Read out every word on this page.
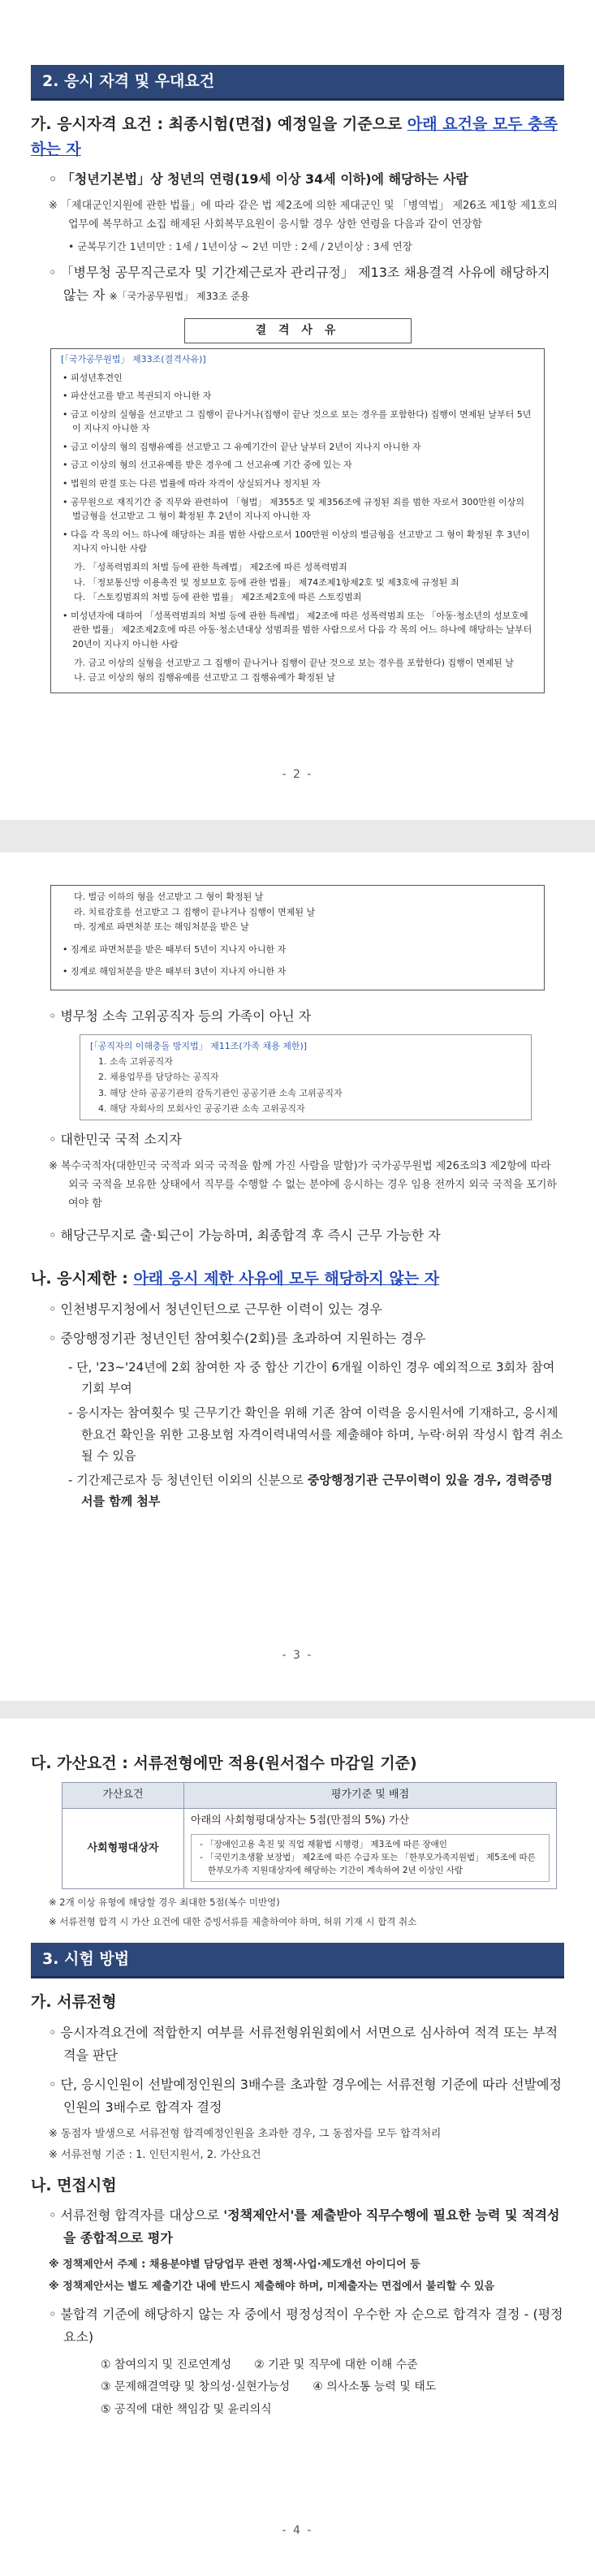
2. 응시 자격 및 우대요건
가. 응시자격 요건 : 최종시험(면접) 예정일을 기준으로 아래 요건을 모두 충족하는 자

◦ 「청년기본법」상 청년의 연령(19세 이상 34세 이하)에 해당하는 사람

※ 「제대군인지원에 관한 법률」에 따라 같은 법 제2조에 의한 제대군인 및 「병역법」 제26조 제1항 제1호의 업무에 복무하고 소집 해제된 사회복무요원이 응시할 경우 상한 연령을 다음과 같이 연장함

• 군복무기간 1년미만 : 1세 / 1년이상 ~ 2년 미만 : 2세 / 2년이상 : 3세 연장

◦ 「병무청 공무직근로자 및 기간제근로자 관리규정」 제13조 채용결격 사유에 해당하지 않는 자 ※「국가공무원법」 제33조 준용

결 격 사 유
[「국가공무원법」 제33조(결격사유)]
• 피성년후견인
• 파산선고를 받고 복권되지 아니한 자
• 금고 이상의 실형을 선고받고 그 집행이 끝나거나(집행이 끝난 것으로 보는 경우를 포함한다) 집행이 면제된 날부터 5년이 지나지 아니한 자
• 금고 이상의 형의 집행유예를 선고받고 그 유예기간이 끝난 날부터 2년이 지나지 아니한 자
• 금고 이상의 형의 선고유예를 받은 경우에 그 선고유예 기간 중에 있는 자
• 법원의 판결 또는 다른 법률에 따라 자격이 상실되거나 정지된 자
• 공무원으로 재직기간 중 직무와 관련하여 「형법」 제355조 및 제356조에 규정된 죄를 범한 자로서 300만원 이상의 벌금형을 선고받고 그 형이 확정된 후 2년이 지나지 아니한 자
• 다음 각 목의 어느 하나에 해당하는 죄를 범한 사람으로서 100만원 이상의 벌금형을 선고받고 그 형이 확정된 후 3년이 지나지 아니한 사람
가. 「성폭력범죄의 처벌 등에 관한 특례법」 제2조에 따른 성폭력범죄
나. 「정보통신망 이용촉진 및 정보보호 등에 관한 법률」 제74조제1항제2호 및 제3호에 규정된 죄
다. 「스토킹범죄의 처벌 등에 관한 법률」 제2조제2호에 따른 스토킹범죄
• 미성년자에 대하여 「성폭력범죄의 처벌 등에 관한 특례법」 제2조에 따른 성폭력범죄 또는 「아동·청소년의 성보호에 관한 법률」 제2조제2호에 따른 아동·청소년대상 성범죄를 범한 사람으로서 다음 각 목의 어느 하나에 해당하는 날부터 20년이 지나지 아니한 사람
가. 금고 이상의 실형을 선고받고 그 집행이 끝나거나 집행이 끝난 것으로 보는 경우를 포함한다) 집행이 면제된 날
나. 금고 이상의 형의 집행유예를 선고받고 그 집행유예가 확정된 날
- 2 -
다. 벌금 이하의 형을 선고받고 그 형이 확정된 날
라. 치료감호를 선고받고 그 집행이 끝나거나 집행이 면제된 날
마. 징계로 파면처분 또는 해임처분을 받은 날
• 징계로 파면처분을 받은 때부터 5년이 지나지 아니한 자
• 징계로 해임처분을 받은 때부터 3년이 지나지 아니한 자

◦ 병무청 소속 고위공직자 등의 가족이 아닌 자

[「공직자의 이해충돌 방지법」 제11조(가족 채용 제한)]
1. 소속 고위공직자
2. 채용업무를 담당하는 공직자
3. 해당 산하 공공기관의 감독기관인 공공기관 소속 고위공직자
4. 해당 자회사의 모회사인 공공기관 소속 고위공직자

◦ 대한민국 국적 소지자

※ 복수국적자(대한민국 국적과 외국 국적을 함께 가진 사람을 말함)가 국가공무원법 제26조의3 제2항에 따라 외국 국적을 보유한 상태에서 직무를 수행할 수 없는 분야에 응시하는 경우 임용 전까지 외국 국적을 포기하여야 함

◦ 해당근무지로 출·퇴근이 가능하며, 최종합격 후 즉시 근무 가능한 자

나. 응시제한 : 아래 응시 제한 사유에 모두 해당하지 않는 자

◦ 인천병무지청에서 청년인턴으로 근무한 이력이 있는 경우

◦ 중앙행정기관 청년인턴 참여횟수(2회)를 초과하여 지원하는 경우

- 단, '23~'24년에 2회 참여한 자 중 합산 기간이 6개월 이하인 경우 예외적으로 3회차 참여기회 부여

- 응시자는 참여횟수 및 근무기간 확인을 위해 기존 참여 이력을 응시원서에 기재하고, 응시제한요건 확인을 위한 고용보험 자격이력내역서를 제출해야 하며, 누락·허위 작성시 합격 취소될 수 있음

- 기간제근로자 등 청년인턴 이외의 신분으로 중앙행정기관 근무이력이 있을 경우, 경력증명서를 함께 첨부

- 3 -
다. 가산요건 : 서류전형에만 적용(원서접수 마감일 기준)
가산요건	평가기준 및 배점
사회형평대상자	아래의 사회형평대상자는 5점(만점의 5%) 가산

- 「장애인고용 촉진 및 직업 재활법 시행령」 제3조에 따른 장애인

- 「국민기초생활 보장법」 제2조에 따른 수급자 또는 「한부모가족지원법」 제5조에 따른 한부모가족 지원대상자에 해당하는 기간이 계속하여 2년 이상인 사람

※ 2개 이상 유형에 해당할 경우 최대한 5점(복수 미반영)

※ 서류전형 합격 시 가산 요건에 대한 증빙서류를 제출하여야 하며, 허위 기재 시 합격 취소

3. 시험 방법
가. 서류전형

◦ 응시자격요건에 적합한지 여부를 서류전형위원회에서 서면으로 심사하여 적격 또는 부적격을 판단

◦ 단, 응시인원이 선발예정인원의 3배수를 초과할 경우에는 서류전형 기준에 따라 선발예정인원의 3배수로 합격자 결정

※ 동점자 발생으로 서류전형 합격예정인원을 초과한 경우, 그 동점자를 모두 합격처리

※ 서류전형 기준 : 1. 인턴지원서, 2. 가산요건

나. 면접시험

◦ 서류전형 합격자를 대상으로 '정책제안서'를 제출받아 직무수행에 필요한 능력 및 적격성을 종합적으로 평가

※ 정책제안서 주제 : 채용분야별 담당업무 관련 정책·사업·제도개선 아이디어 등

※ 정책제안서는 별도 제출기간 내에 반드시 제출해야 하며, 미제출자는 면접에서 불리할 수 있음

◦ 불합격 기준에 해당하지 않는 자 중에서 평정성적이 우수한 자 순으로 합격자 결정 - (평정요소)

① 참여의지 및 진로연계성 ② 기관 및 직무에 대한 이해 수준
③ 문제해결역량 및 창의성·실현가능성 ④ 의사소통 능력 및 태도
⑤ 공직에 대한 책임감 및 윤리의식
- 4 -
